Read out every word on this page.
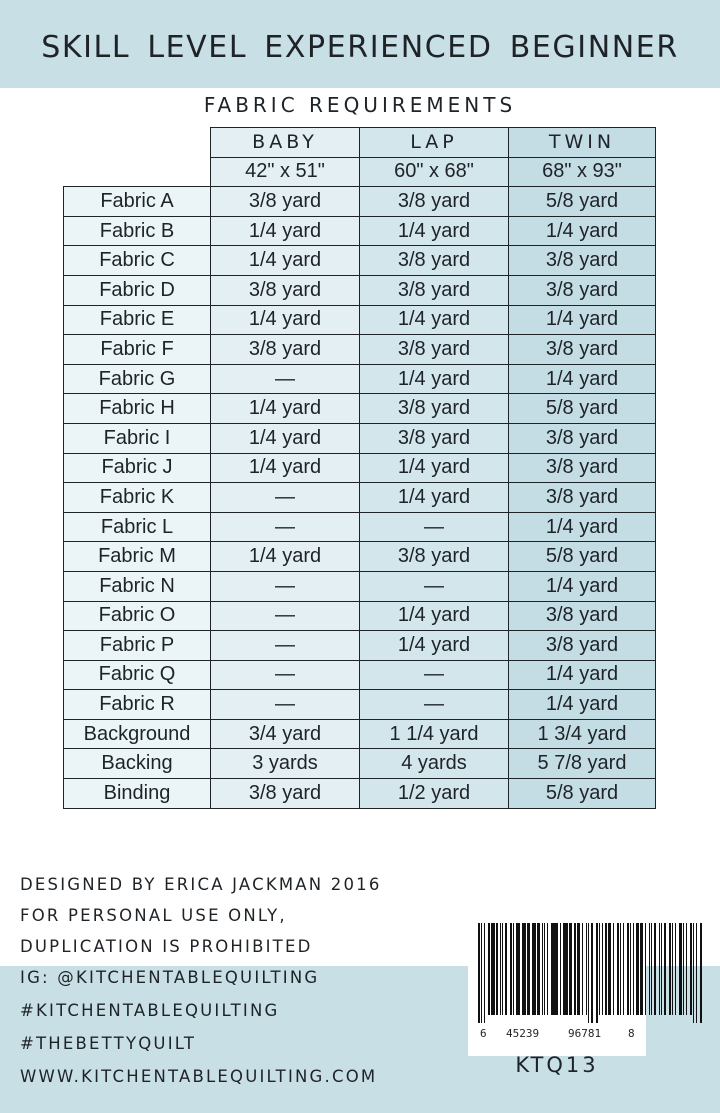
SKILL LEVEL EXPERIENCED BEGINNER
FABRIC REQUIREMENTS
	BABY	LAP	TWIN
	42" x 51"	60" x 68"	68" x 93"
Fabric A	3/8 yard	3/8 yard	5/8 yard
Fabric B	1/4 yard	1/4 yard	1/4 yard
Fabric C	1/4 yard	3/8 yard	3/8 yard
Fabric D	3/8 yard	3/8 yard	3/8 yard
Fabric E	1/4 yard	1/4 yard	1/4 yard
Fabric F	3/8 yard	3/8 yard	3/8 yard
Fabric G	—	1/4 yard	1/4 yard
Fabric H	1/4 yard	3/8 yard	5/8 yard
Fabric I	1/4 yard	3/8 yard	3/8 yard
Fabric J	1/4 yard	1/4 yard	3/8 yard
Fabric K	—	1/4 yard	3/8 yard
Fabric L	—	—	1/4 yard
Fabric M	1/4 yard	3/8 yard	5/8 yard
Fabric N	—	—	1/4 yard
Fabric O	—	1/4 yard	3/8 yard
Fabric P	—	1/4 yard	3/8 yard
Fabric Q	—	—	1/4 yard
Fabric R	—	—	1/4 yard
Background	3/4 yard	1 1/4 yard	1 3/4 yard
Backing	3 yards	4 yards	5 7/8 yard
Binding	3/8 yard	1/2 yard	5/8 yard
DESIGNED BY ERICA JACKMAN 2016
FOR PERSONAL USE ONLY,
DUPLICATION IS PROHIBITED
IG: @KITCHENTABLEQUILTING
#KITCHENTABLEQUILTING
#THEBETTYQUILT
WWW.KITCHENTABLEQUILTING.COM
6 45239	96781 8
KTQ13
